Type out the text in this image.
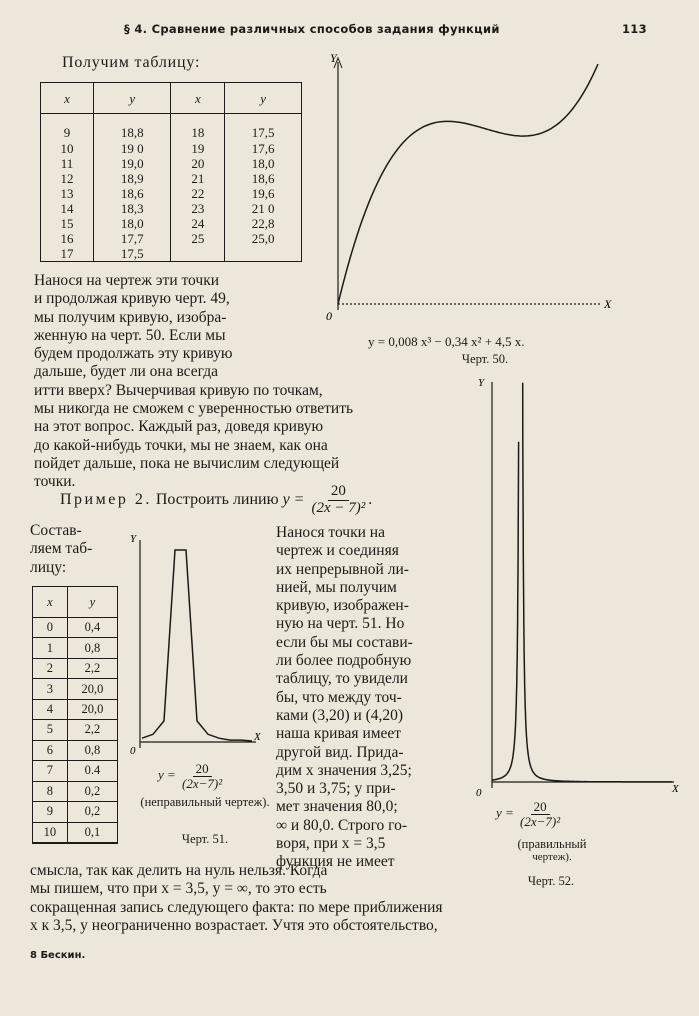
§ 4. Сравнение различных способов задания функций	113
Получим таблицу:
x	y	x	y
9	18,8	18	17,5
10	19 0	19	17,6
11	19,0	20	18,0
12	18,9	21	18,6
13	18,6	22	19,6
14	18,3	23	21 0
15	18,0	24	22,8
16	17,7	25	25,0
17	17,5		
Y
X
0
y = 0,008 x³ − 0,34 x² + 4,5 x.
Черт. 50.
Нанося на чертеж эти точки
и продолжая кривую черт. 49,
мы получим кривую, изобра-
женную на черт. 50. Если мы
будем продолжать эту кривую
дальше, будет ли она всегда
итти вверх? Вычерчивая кривую по точкам,
мы никогда не сможем с уверенностью ответить
на этот вопрос. Каждый раз, доведя кривую
до какой-нибудь точки, мы не знаем, как она
пойдет дальше, пока не вычислим следующей
точки.
Пример 2. Построить линию $y = \frac{20}{\text{(2x − 7)²}}$ .
Состав-
ляем таб-
лицу:
x	y
0	0,4
1	0,8
2	2,2
3	20,0
4	20,0
5	2,2
6	0,8
7	0.4
8	0,2
9	0,2
10	0,1
Y
X
0
$y = \frac{20}{\text{(2x−7)²}}$
(неправильный чертеж).
Черт. 51.
Нанося точки на
чертеж и соединяя
их непрерывной ли-
нией, мы получим
кривую, изображен-
ную на черт. 51. Но
если бы мы состави-
ли более подробную
таблицу, то увидели
бы, что между точ-
ками (3,20) и (4,20)
наша кривая имеет
другой вид. Прида-
дим x значения 3,25;
3,50 и 3,75; y при-
мет значения 80,0;
∞ и 80,0. Строго го-
воря, при x = 3,5
функция не имеет
Y
X
0
$y = \frac{20}{\text{(2x−7)²}}$
(правильный
чертеж).
Черт. 52.
смысла, так как делить на нуль нельзя. Когда
мы пишем, что при x = 3,5, y = ∞, то это есть
сокращенная запись следующего факта: по мере приближения
x к 3,5, y неограниченно возрастает. Учтя это обстоятельство,
8 Бескин.
